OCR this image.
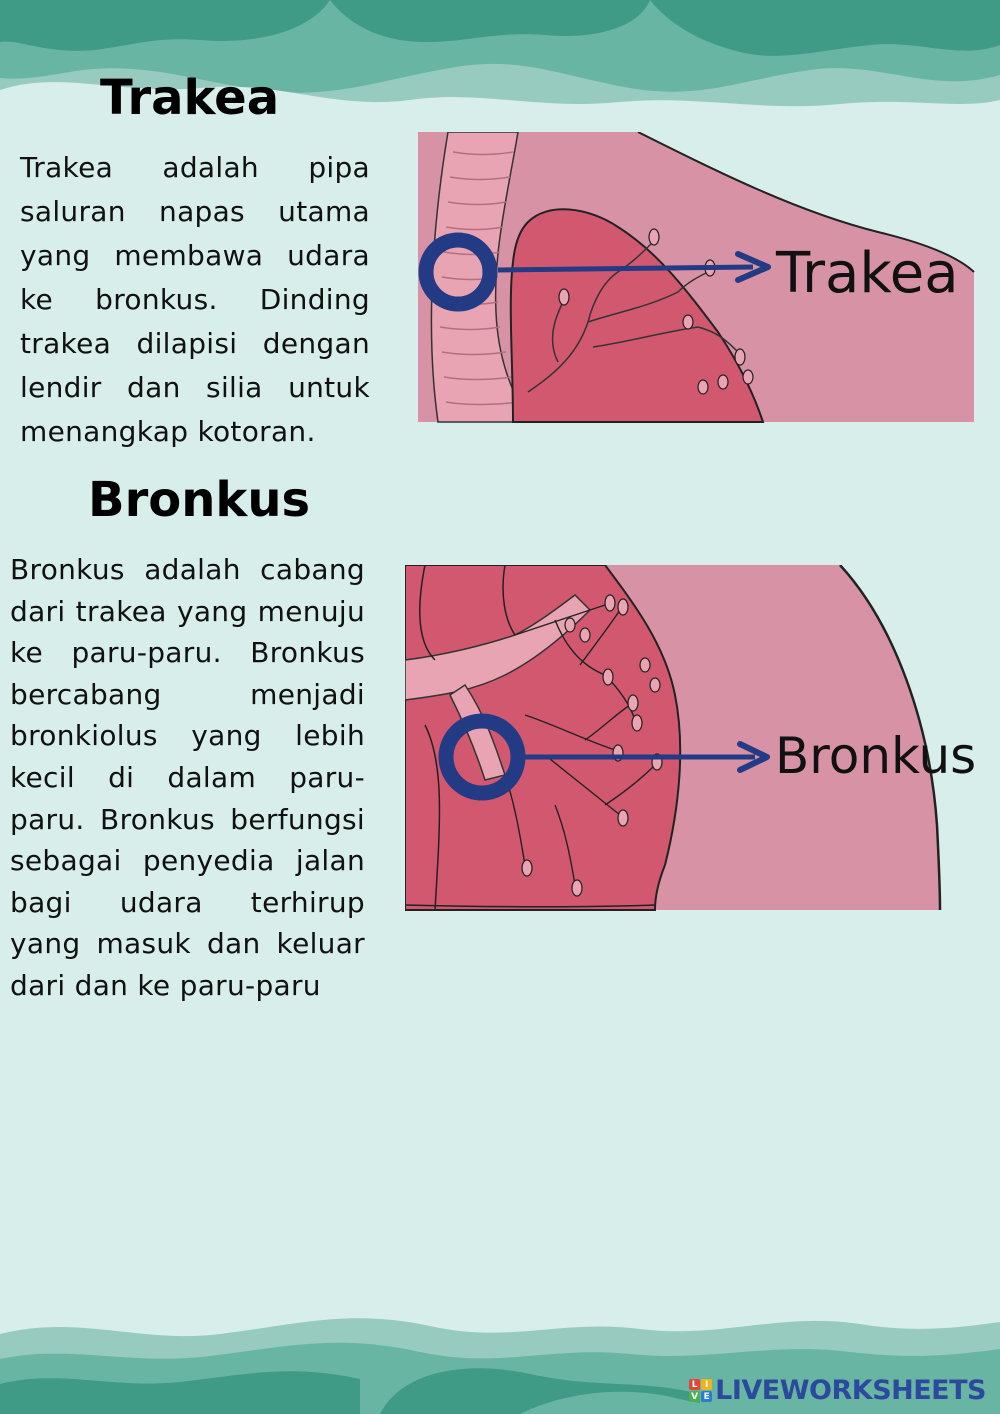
Trakea

Trakea adalah pipa saluran napas utama yang membawa udara ke bronkus. Dinding trakea dilapisi dengan lendir dan silia untuk menangkap kotoran.

Trakea
Bronkus

Bronkus adalah cabang dari trakea yang menuju ke paru-paru. Bronkus bercabang menjadi bronkiolus yang lebih kecil di dalam paru-paru. Bronkus berfungsi sebagai penyedia jalan bagi udara terhirup yang masuk dan keluar dari dan ke paru-paru

Bronkus
L I
V E LIVEWORKSHEETS
